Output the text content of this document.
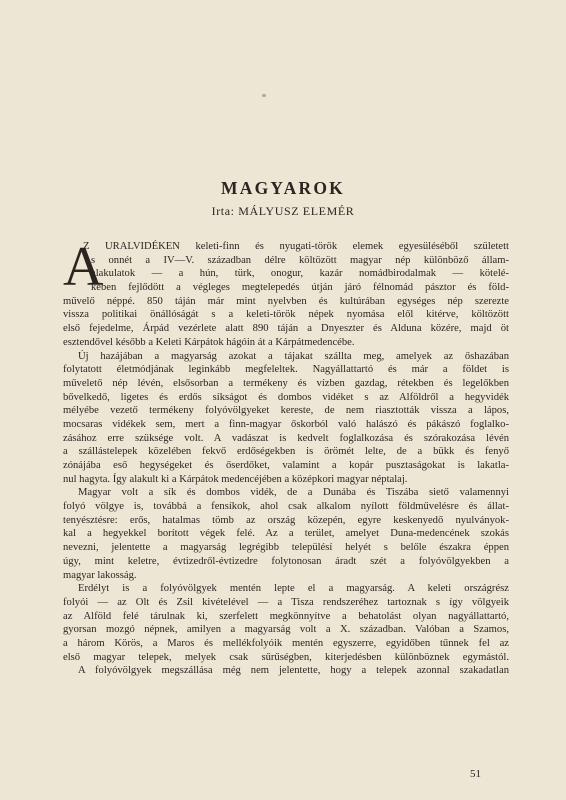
MAGYAROK
Irta: MÁLYUSZ ELEMÉR
A
Z URALVIDÉKEN keleti-finn és nyugati-török elemek egyesüléséből született
s onnét a IV—V. században délre költözött magyar nép különböző állam-
alakulatok — a hún, türk, onogur, kazár nomádbirodalmak — kötelé-
kében fejlődött a végleges megtelepedés útján járó félnomád pásztor és föld-
művelő néppé. 850 táján már mint nyelvben és kultúrában egységes nép szerezte
vissza politikai önállóságát s a keleti-török népek nyomása elől kitérve, költözött
első fejedelme, Árpád vezérlete alatt 890 táján a Dnyeszter és Alduna közére, majd öt
esztendővel később a Keleti Kárpátok hágóin át a Kárpátmedencébe.
Új hazájában a magyarság azokat a tájakat szállta meg, amelyek az őshazában
folytatott életmódjának leginkább megfeleltek. Nagyállattartó és már a földet is
művelető nép lévén, elsősorban a termékeny és vízben gazdag, rétekben és legelőkben
bővelkedő, ligetes és erdős síkságot és dombos vidéket s az Alföldről a hegyvidék
mélyébe vezető termékeny folyóvölgyeket kereste, de nem riasztották vissza a lápos,
mocsaras vidékek sem, mert a finn-magyar őskorból való halászó és pákászó foglalko-
zásához erre szüksége volt. A vadászat is kedvelt foglalkozása és szórakozása lévén
a szállástelepek közelében fekvő erdőségekben is örömét lelte, de a bükk és fenyő
zónájába eső hegységeket és őserdőket, valamint a kopár pusztaságokat is lakatla-
nul hagyta. Így alakult ki a Kárpátok medencéjében a középkori magyar néptalaj.
Magyar volt a sík és dombos vidék, de a Dunába és Tiszába siető valamennyi
folyó völgye is, továbbá a fensíkok, ahol csak alkalom nyílott földművelésre és állat-
tenyésztésre: erős, hatalmas tömb az ország közepén, egyre keskenyedő nyulványok-
kal a hegyekkel borított végek felé. Az a terület, amelyet Duna-medencének szokás
nevezni, jelentette a magyarság legrégibb településí helyét s belőle északra éppen
úgy, mint keletre, évtizedről-évtizedre folytonosan áradt szét a folyóvölgyekben a
magyar lakosság.
Erdélyt is a folyóvölgyek mentén lepte el a magyarság. A keleti országrész
folyói — az Olt és Zsil kivételével — a Tisza rendszeréhez tartoznak s így völgyeik
az Alföld felé tárulnak ki, szerfelett megkönnyítve a behatolást olyan nagyállattartó,
gyorsan mozgó népnek, amilyen a magyarság volt a X. században. Valóban a Szamos,
a három Körös, a Maros és mellékfolyóik mentén egyszerre, egyidőben tűnnek fel az
első magyar telepek, melyek csak sűrűségben, kiterjedésben különböznek egymástól.
A folyóvölgyek megszállása még nem jelentette, hogy a telepek azonnal szakadatlan
51
